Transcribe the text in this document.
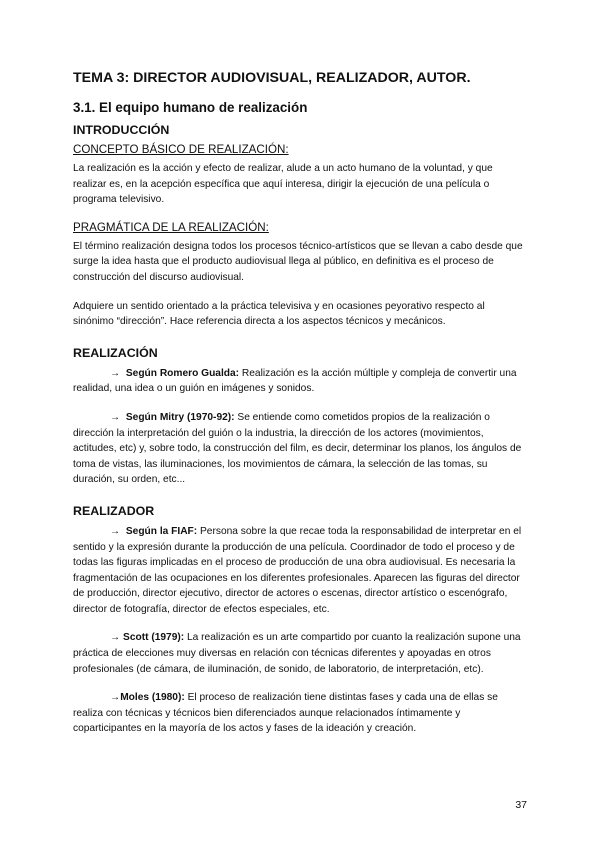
TEMA 3: DIRECTOR AUDIOVISUAL, REALIZADOR, AUTOR.
3.1. El equipo humano de realización
INTRODUCCIÓN
CONCEPTO BÁSICO DE REALIZACIÓN:

La realización es la acción y efecto de realizar, alude a un acto humano de la voluntad, y que realizar es, en la acepción específica que aquí interesa, dirigir la ejecución de una película o programa televisivo.

PRAGMÁTICA DE LA REALIZACIÓN:

El término realización designa todos los procesos técnico-artísticos que se llevan a cabo desde que surge la idea hasta que el producto audiovisual llega al público, en definitiva es el proceso de construcción del discurso audiovisual.

Adquiere un sentido orientado a la práctica televisiva y en ocasiones peyorativo respecto al sinónimo “dirección”. Hace referencia directa a los aspectos técnicos y mecánicos.

REALIZACIÓN

→ Según Romero Gualda: Realización es la acción múltiple y compleja de convertir una realidad, una idea o un guión en imágenes y sonidos.

→ Según Mitry (1970-92): Se entiende como cometidos propios de la realización o dirección la interpretación del guión o la industria, la dirección de los actores (movimientos, actitudes, etc) y, sobre todo, la construcción del film, es decir, determinar los planos, los ángulos de toma de vistas, las iluminaciones, los movimientos de cámara, la selección de las tomas, su duración, su orden, etc...

REALIZADOR

→ Según la FIAF: Persona sobre la que recae toda la responsabilidad de interpretar en el sentido y la expresión durante la producción de una película. Coordinador de todo el proceso y de todas las figuras implicadas en el proceso de producción de una obra audiovisual. Es necesaria la fragmentación de las ocupaciones en los diferentes profesionales. Aparecen las figuras del director de producción, director ejecutivo, director de actores o escenas, director artístico o escenógrafo, director de fotografía, director de efectos especiales, etc.

→ Scott (1979): La realización es un arte compartido por cuanto la realización supone una práctica de elecciones muy diversas en relación con técnicas diferentes y apoyadas en otros profesionales (de cámara, de iluminación, de sonido, de laboratorio, de interpretación, etc).

→Moles (1980): El proceso de realización tiene distintas fases y cada una de ellas se realiza con técnicas y técnicos bien diferenciados aunque relacionados íntimamente y coparticipantes en la mayoría de los actos y fases de la ideación y creación.

37
